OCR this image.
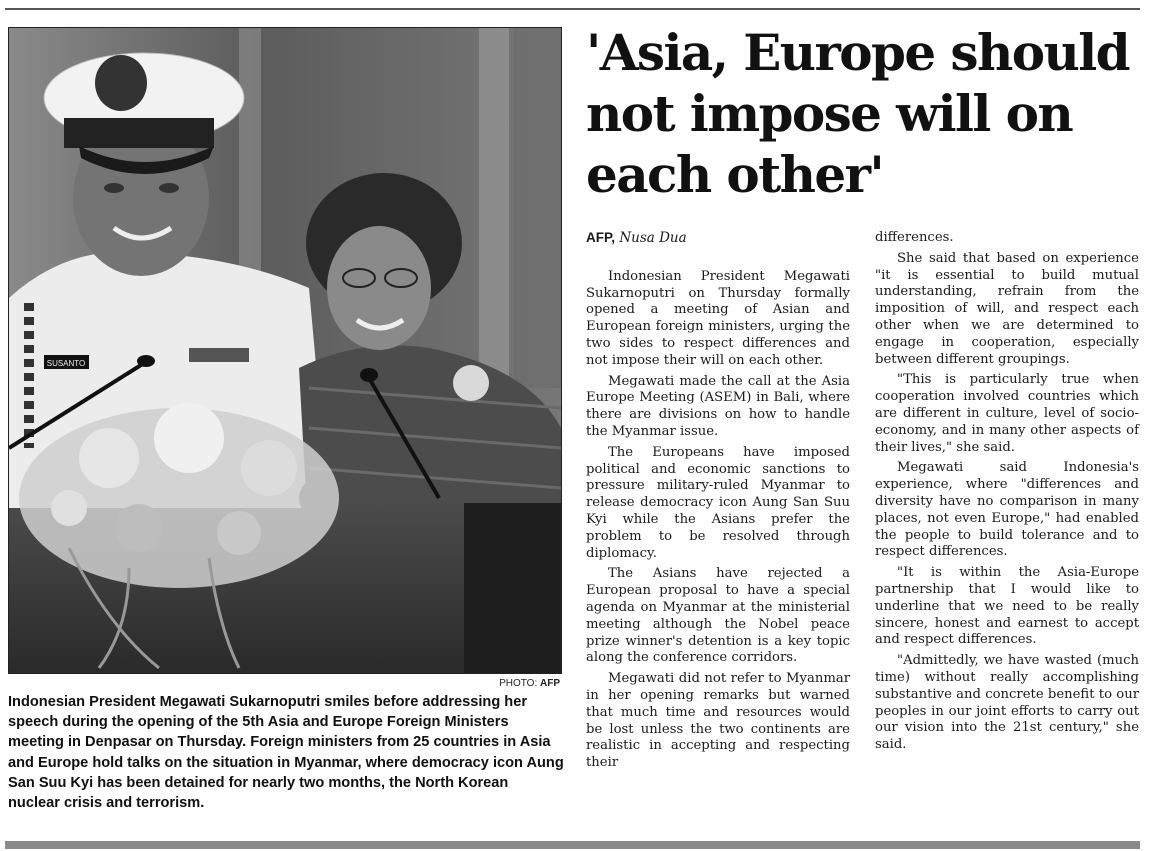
SUSANTO
PHOTO: AFP

Indonesian President Megawati Sukarnoputri smiles before addressing her speech during the opening of the 5th Asia and Europe Foreign Ministers meeting in Denpasar on Thursday. Foreign ministers from 25 countries in Asia and Europe hold talks on the situation in Myanmar, where democracy icon Aung San Suu Kyi has been detained for nearly two months, the North Korean nuclear crisis and terrorism.

'Asia, Europe should not impose will on each other'
AFP, Nusa Dua

Indonesian President Megawati Sukarnoputri on Thursday formally opened a meeting of Asian and European foreign ministers, urging the two sides to respect differences and not impose their will on each other.

Megawati made the call at the Asia Europe Meeting (ASEM) in Bali, where there are divisions on how to handle the Myanmar issue.

The Europeans have imposed political and economic sanctions to pressure military-ruled Myanmar to release democracy icon Aung San Suu Kyi while the Asians prefer the problem to be resolved through diplomacy.

The Asians have rejected a European proposal to have a special agenda on Myanmar at the ministerial meeting although the Nobel peace prize winner's detention is a key topic along the conference corridors.

Megawati did not refer to Myanmar in her opening remarks but warned that much time and resources would be lost unless the two continents are realistic in accepting and respecting their

differences.

She said that based on experience "it is essential to build mutual understanding, refrain from the imposition of will, and respect each other when we are determined to engage in cooperation, especially between different groupings.

"This is particularly true when cooperation involved countries which are different in culture, level of socio-economy, and in many other aspects of their lives," she said.

Megawati said Indonesia's experience, where "differences and diversity have no comparison in many places, not even Europe," had enabled the people to build tolerance and to respect differences.

"It is within the Asia-Europe partnership that I would like to underline that we need to be really sincere, honest and earnest to accept and respect differences.

"Admittedly, we have wasted (much time) without really accomplishing substantive and concrete benefit to our peoples in our joint efforts to carry out our vision into the 21st century," she said.
